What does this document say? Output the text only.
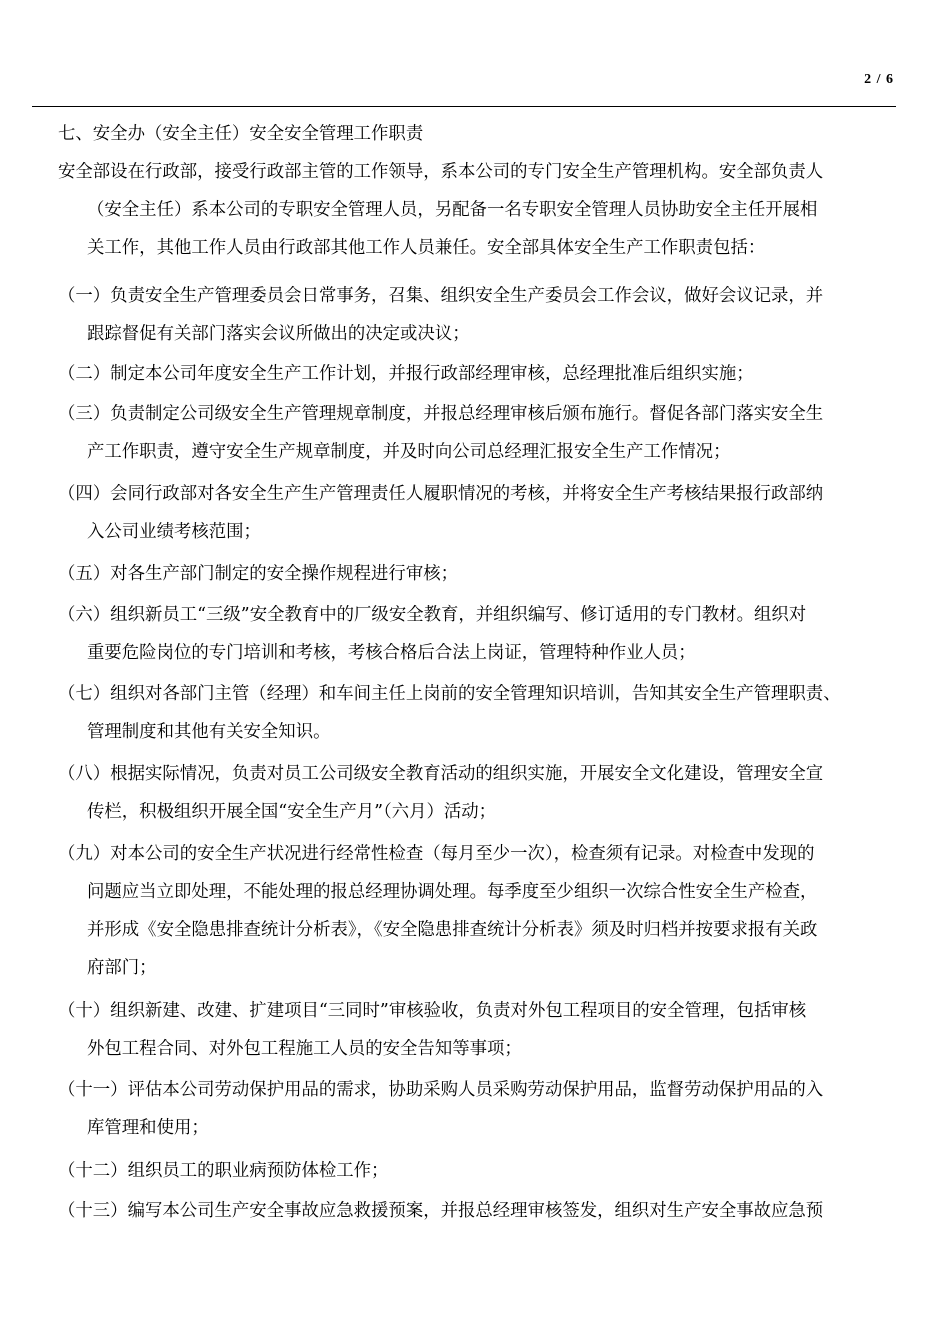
2 / 6
七、安全办（安全主任）安全安全管理工作职责
安全部设在行政部，接受行政部主管的工作领导，系本公司的专门安全生产管理机构。安全部负责人
（安全主任）系本公司的专职安全管理人员，另配备一名专职安全管理人员协助安全主任开展相
关工作，其他工作人员由行政部其他工作人员兼任。安全部具体安全生产工作职责包括：
（一）负责安全生产管理委员会日常事务，召集、组织安全生产委员会工作会议，做好会议记录，并
跟踪督促有关部门落实会议所做出的决定或决议；
（二）制定本公司年度安全生产工作计划，并报行政部经理审核，总经理批准后组织实施；
（三）负责制定公司级安全生产管理规章制度，并报总经理审核后颁布施行。督促各部门落实安全生
产工作职责，遵守安全生产规章制度，并及时向公司总经理汇报安全生产工作情况；
（四）会同行政部对各安全生产生产管理责任人履职情况的考核，并将安全生产考核结果报行政部纳
入公司业绩考核范围；
（五）对各生产部门制定的安全操作规程进行审核；
（六）组织新员工“三级”安全教育中的厂级安全教育，并组织编写、修订适用的专门教材。组织对
重要危险岗位的专门培训和考核，考核合格后合法上岗证，管理特种作业人员；
（七）组织对各部门主管（经理）和车间主任上岗前的安全管理知识培训，告知其安全生产管理职责、
管理制度和其他有关安全知识。
（八）根据实际情况，负责对员工公司级安全教育活动的组织实施，开展安全文化建设，管理安全宣
传栏，积极组织开展全国“安全生产月”（六月）活动；
（九）对本公司的安全生产状况进行经常性检查（每月至少一次），检查须有记录。对检查中发现的
问题应当立即处理，不能处理的报总经理协调处理。每季度至少组织一次综合性安全生产检查，
并形成《安全隐患排查统计分析表》，《安全隐患排查统计分析表》须及时归档并按要求报有关政
府部门；
（十）组织新建、改建、扩建项目“三同时”审核验收，负责对外包工程项目的安全管理，包括审核
外包工程合同、对外包工程施工人员的安全告知等事项；
（十一）评估本公司劳动保护用品的需求，协助采购人员采购劳动保护用品，监督劳动保护用品的入
库管理和使用；
（十二）组织员工的职业病预防体检工作；
（十三）编写本公司生产安全事故应急救援预案，并报总经理审核签发，组织对生产安全事故应急预
